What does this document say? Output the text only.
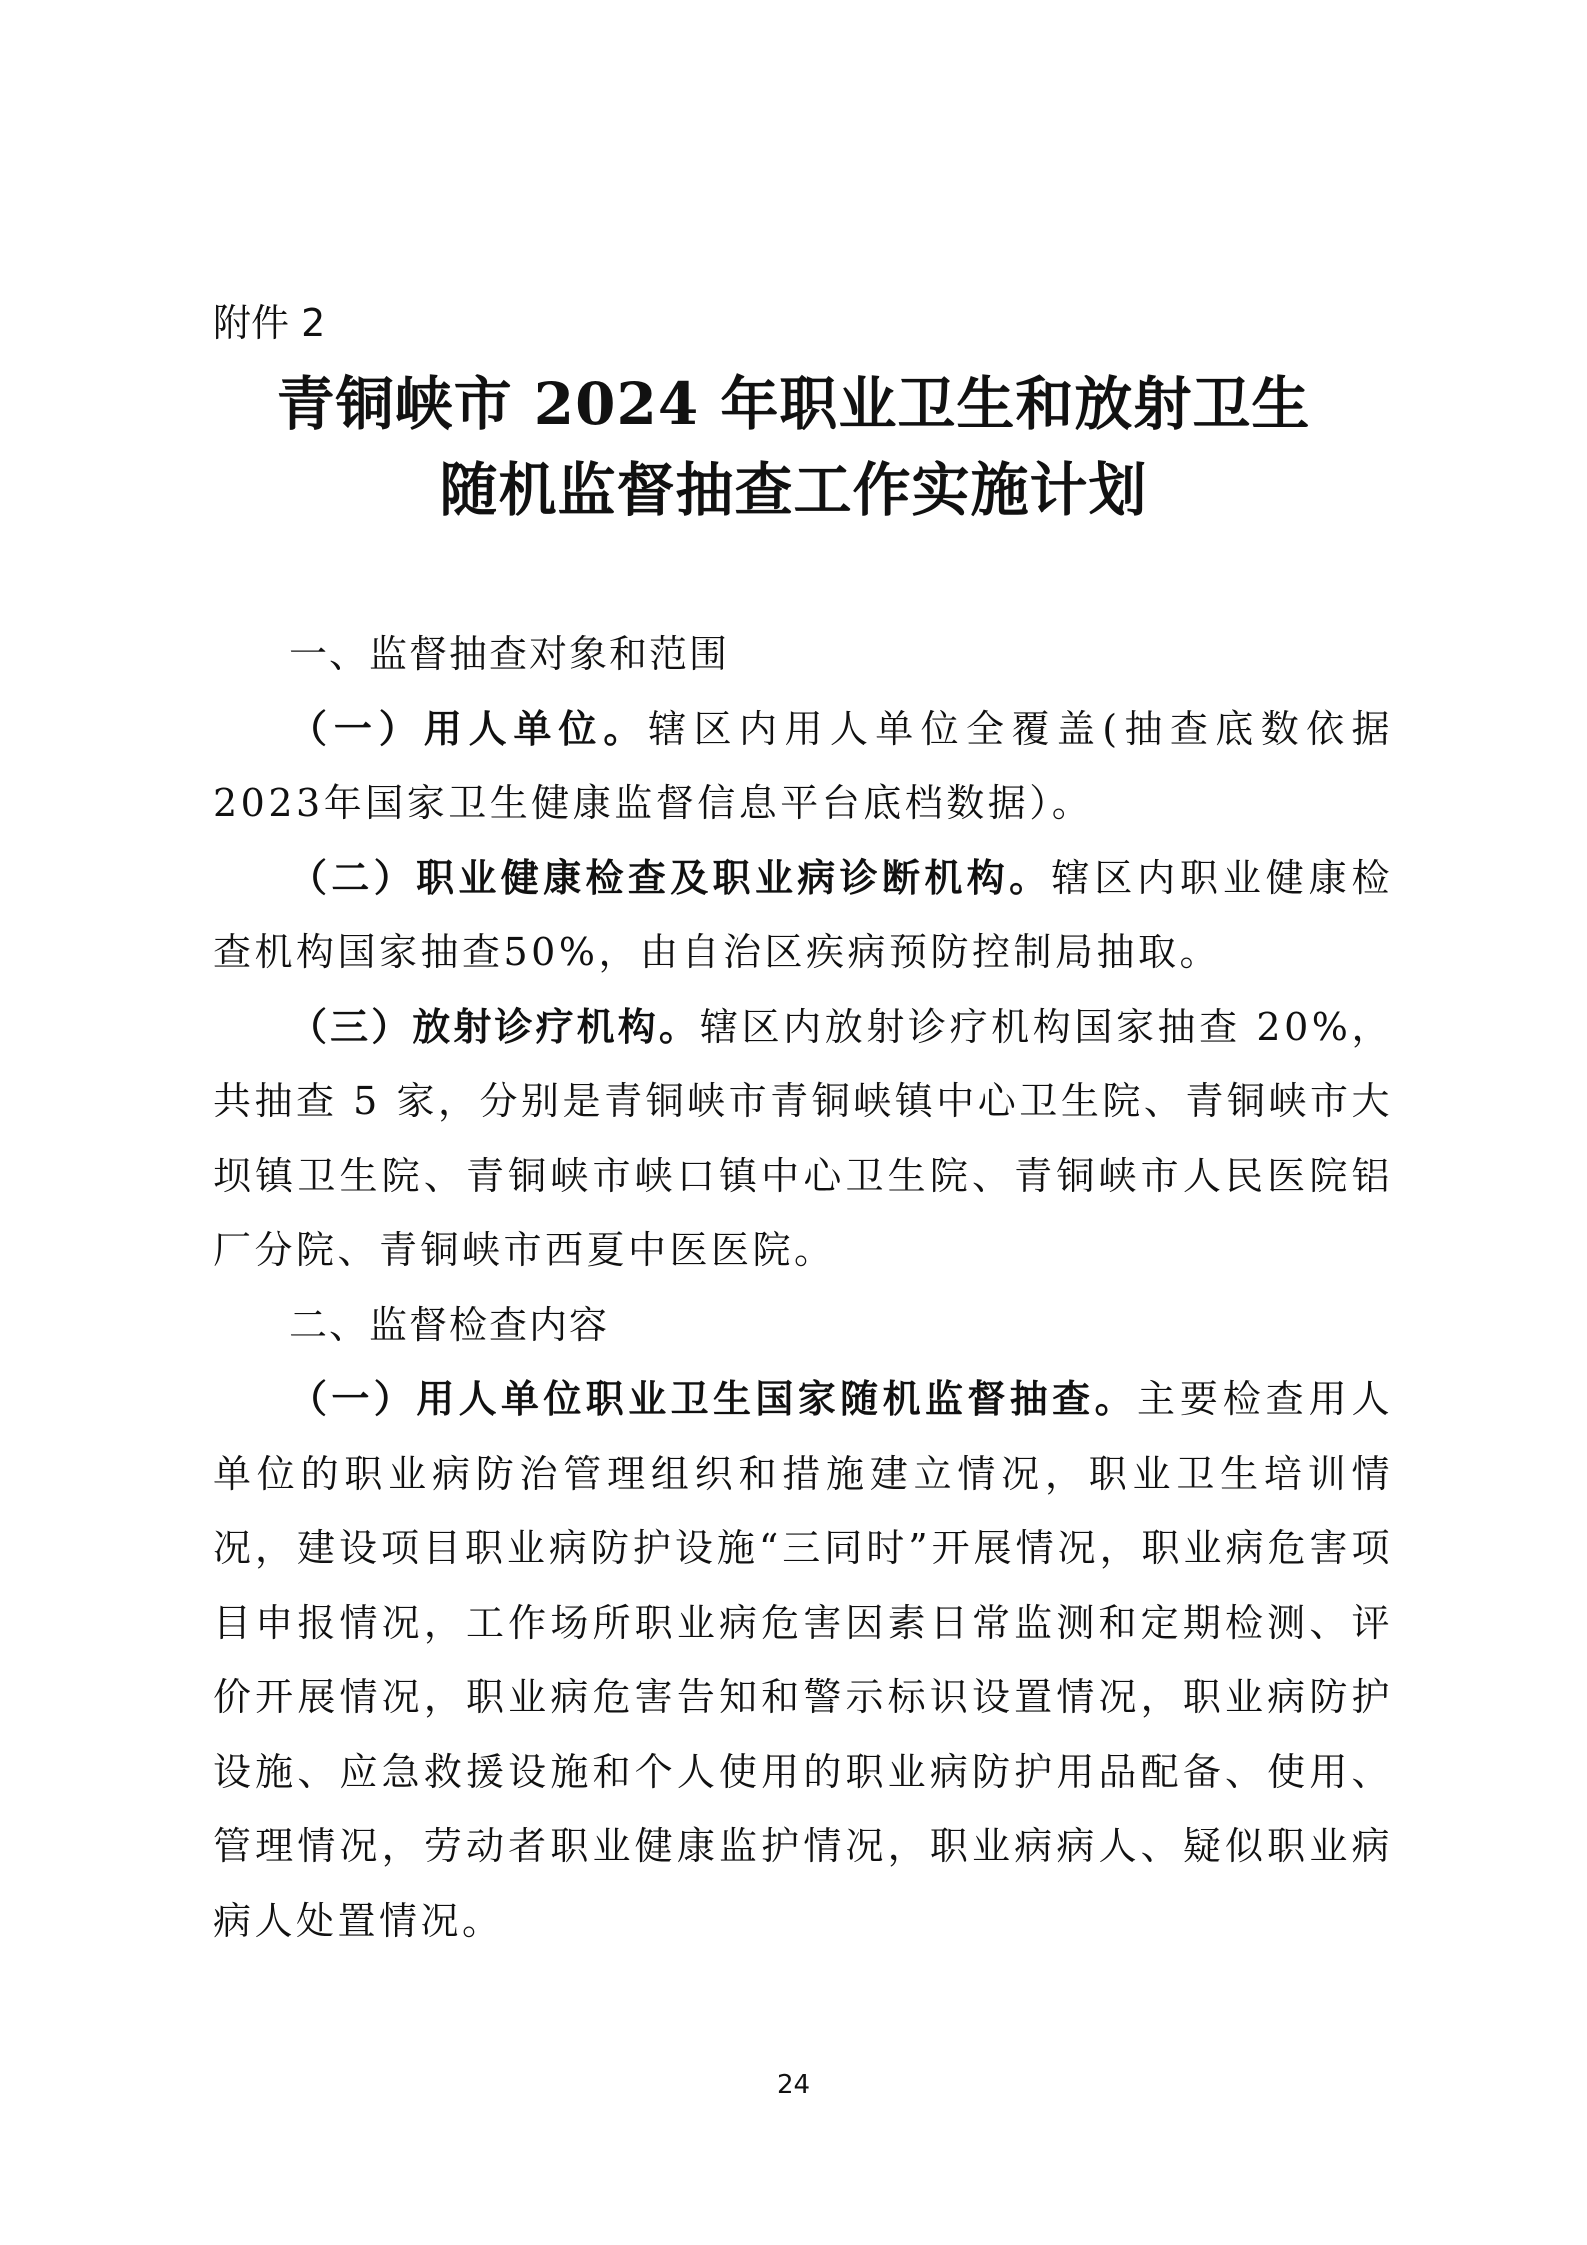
附件 2
青铜峡市 2024 年职业卫生和放射卫生
随机监督抽查工作实施计划

一、监督抽查对象和范围

（一）用人单位。辖区内用人单位全覆盖(抽查底数依据2023年国家卫生健康监督信息平台底档数据）。

（二）职业健康检查及职业病诊断机构。辖区内职业健康检查机构国家抽查50%，由自治区疾病预防控制局抽取。

（三）放射诊疗机构。辖区内放射诊疗机构国家抽查 20%，共抽查 5 家，分别是青铜峡市青铜峡镇中心卫生院、青铜峡市大坝镇卫生院、青铜峡市峡口镇中心卫生院、青铜峡市人民医院铝厂分院、青铜峡市西夏中医医院。

二、监督检查内容

（一）用人单位职业卫生国家随机监督抽查。主要检查用人单位的职业病防治管理组织和措施建立情况，职业卫生培训情况，建设项目职业病防护设施“三同时”开展情况，职业病危害项目申报情况，工作场所职业病危害因素日常监测和定期检测、评价开展情况，职业病危害告知和警示标识设置情况，职业病防护设施、应急救援设施和个人使用的职业病防护用品配备、使用、管理情况，劳动者职业健康监护情况，职业病病人、疑似职业病病人处置情况。

24
